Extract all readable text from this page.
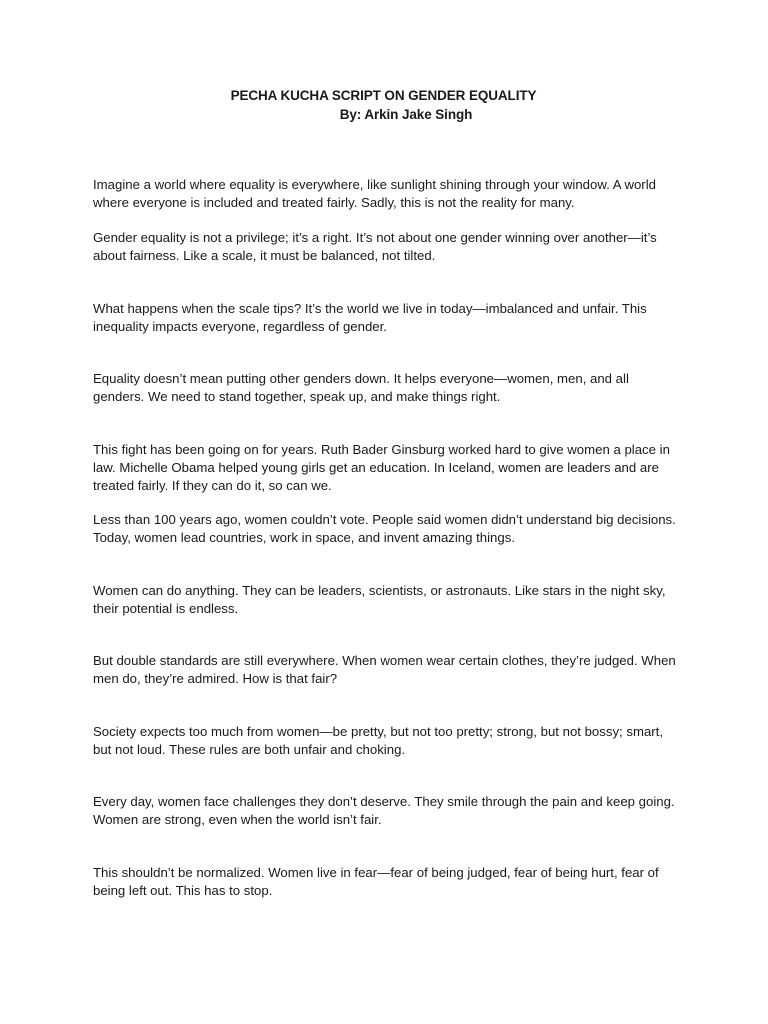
PECHA KUCHA SCRIPT ON GENDER EQUALITY
By: Arkin Jake Singh

Imagine a world where equality is everywhere, like sunlight shining through your window. A world where everyone is included and treated fairly. Sadly, this is not the reality for many.

Gender equality is not a privilege; it’s a right. It’s not about one gender winning over another—it’s about fairness. Like a scale, it must be balanced, not tilted.

What happens when the scale tips? It’s the world we live in today—imbalanced and unfair. This inequality impacts everyone, regardless of gender.

Equality doesn’t mean putting other genders down. It helps everyone—women, men, and all genders. We need to stand together, speak up, and make things right.

This fight has been going on for years. Ruth Bader Ginsburg worked hard to give women a place in law. Michelle Obama helped young girls get an education. In Iceland, women are leaders and are treated fairly. If they can do it, so can we.

Less than 100 years ago, women couldn’t vote. People said women didn’t understand big decisions. Today, women lead countries, work in space, and invent amazing things.

Women can do anything. They can be leaders, scientists, or astronauts. Like stars in the night sky, their potential is endless.

But double standards are still everywhere. When women wear certain clothes, they’re judged. When men do, they’re admired. How is that fair?

Society expects too much from women—be pretty, but not too pretty; strong, but not bossy; smart, but not loud. These rules are both unfair and choking.

Every day, women face challenges they don’t deserve. They smile through the pain and keep going. Women are strong, even when the world isn’t fair.

This shouldn’t be normalized. Women live in fear—fear of being judged, fear of being hurt, fear of being left out. This has to stop.
